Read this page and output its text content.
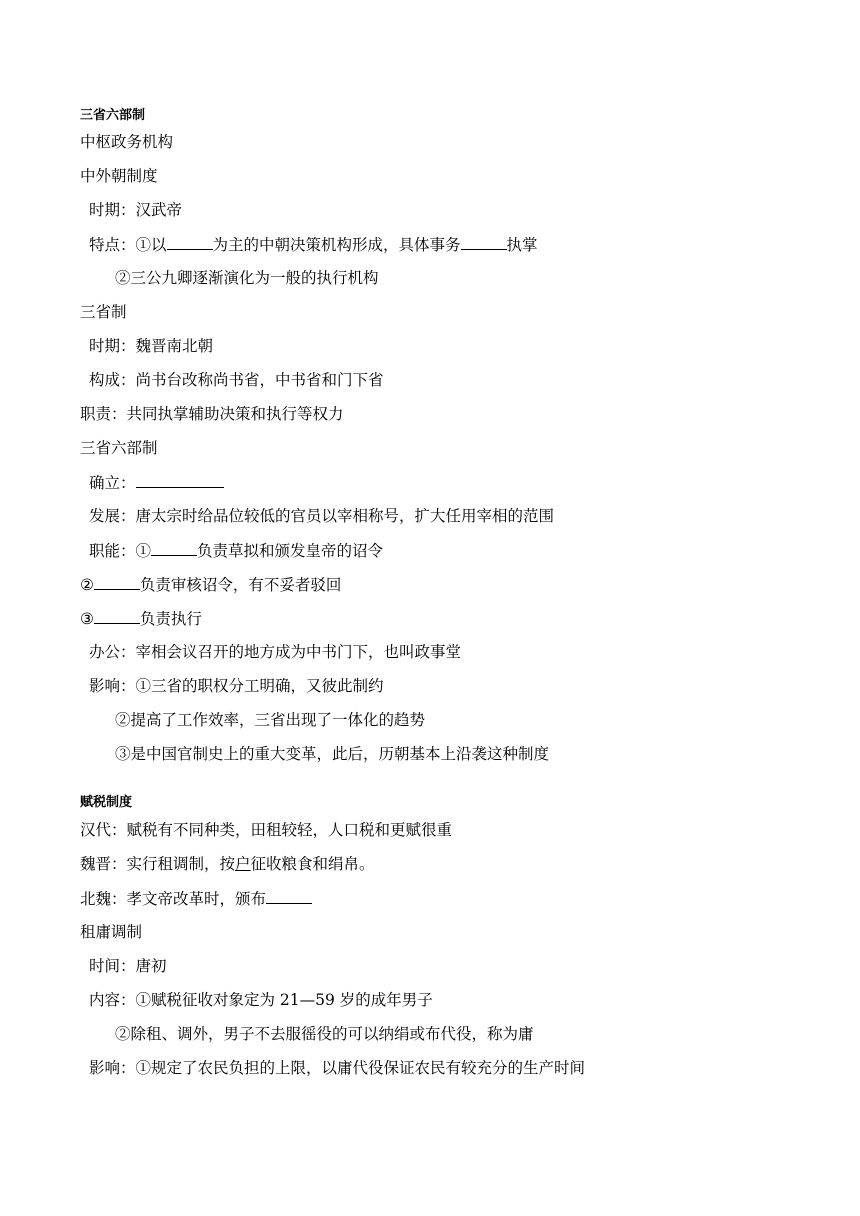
三省六部制
中枢政务机构
中外朝制度
时期：汉武帝
特点：①以	为主的中朝决策机构形成，具体事务	执掌
②三公九卿逐渐演化为一般的执行机构
三省制
时期：魏晋南北朝
构成：尚书台改称尚书省，中书省和门下省
职责：共同执掌辅助决策和执行等权力
三省六部制
确立：
发展：唐太宗时给品位较低的官员以宰相称号，扩大任用宰相的范围
职能：①	负责草拟和颁发皇帝的诏令
②	负责审核诏令，有不妥者驳回
③	负责执行
办公：宰相会议召开的地方成为中书门下，也叫政事堂
影响：①三省的职权分工明确，又彼此制约
②提高了工作效率，三省出现了一体化的趋势
③是中国官制史上的重大变革，此后，历朝基本上沿袭这种制度
赋税制度
汉代：赋税有不同种类，田租较轻，人口税和更赋很重
魏晋：实行租调制，按户征收粮食和绢帛。
北魏：孝文帝改革时，颁布
租庸调制
时间：唐初
内容：①赋税征收对象定为 21—59 岁的成年男子
②除租、调外，男子不去服徭役的可以纳绢或布代役，称为庸
影响：①规定了农民负担的上限，以庸代役保证农民有较充分的生产时间
